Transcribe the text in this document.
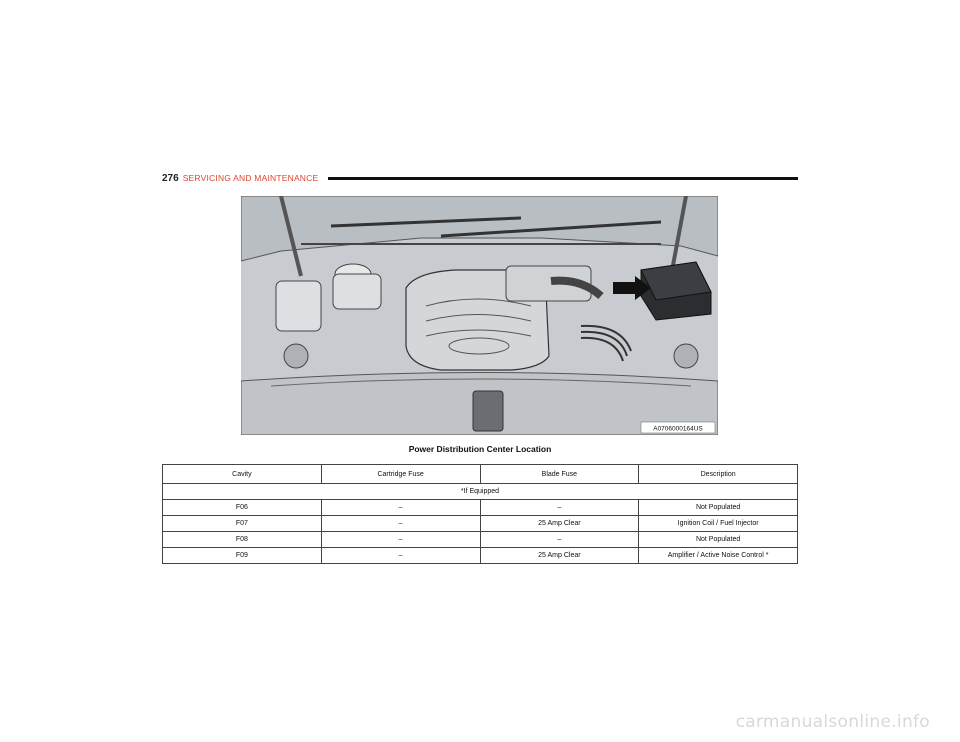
276 SERVICING AND MAINTENANCE
A0706000164US
Power Distribution Center Location
Cavity	Cartridge Fuse	Blade Fuse	Description
*If Equipped			
F06	–	–	Not Populated
F07	–	25 Amp Clear	Ignition Coil / Fuel Injector
F08	–	–	Not Populated
F09	–	25 Amp Clear	Amplifier / Active Noise Control *
carmanualsonline.info
